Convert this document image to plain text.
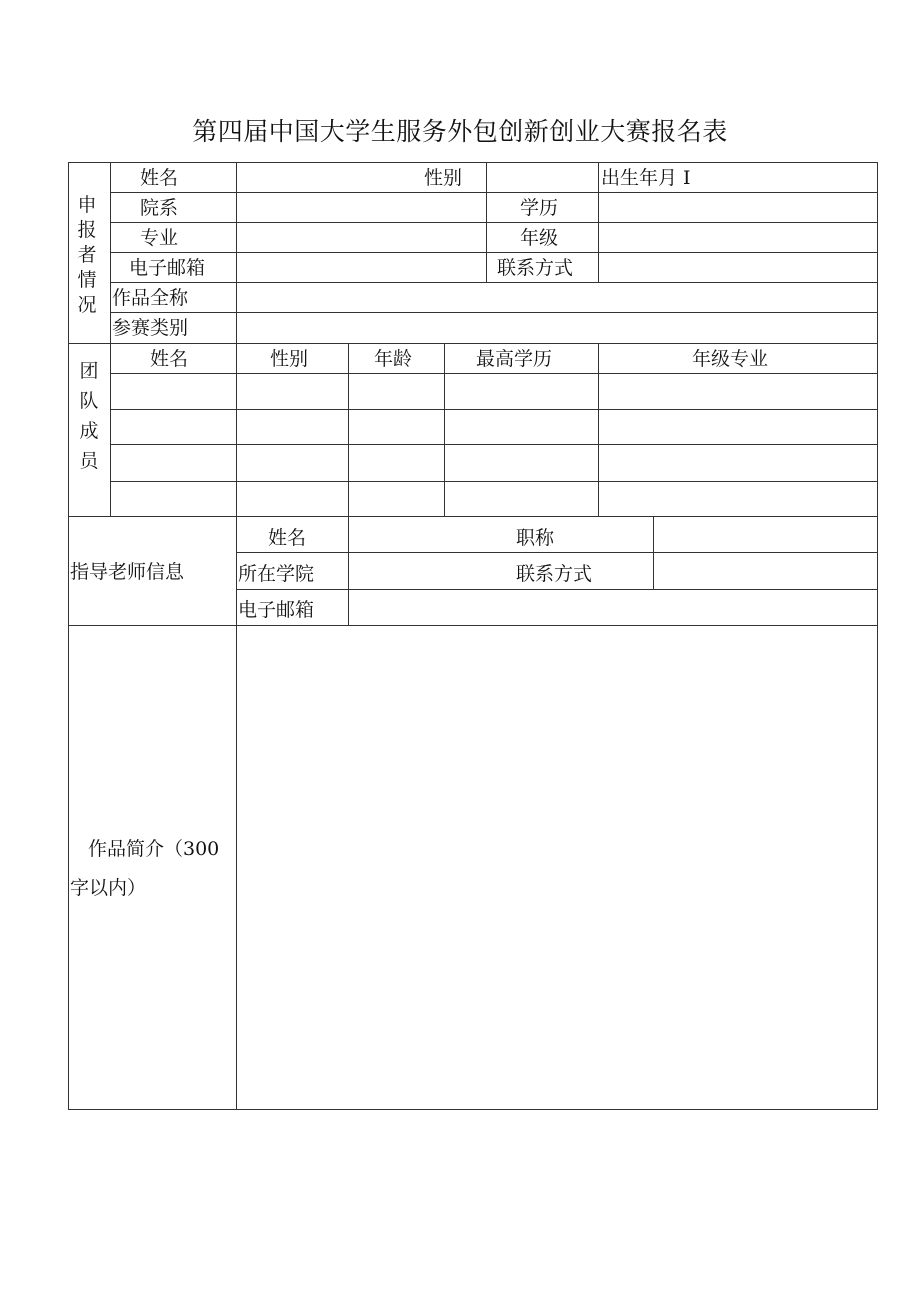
第四届中国大学生服务外包创新创业大赛报名表
申
报
者
情
况
姓名	性别	出生年月 I
院系	学历
专业	年级
电子邮箱	联系方式
作品全称
参赛类别
团
队
成
员
姓名	性别	年龄	最高学历	年级专业
指导老师信息
姓名	职称
所在学院	联系方式
电子邮箱
作品简介（300
字以内）
